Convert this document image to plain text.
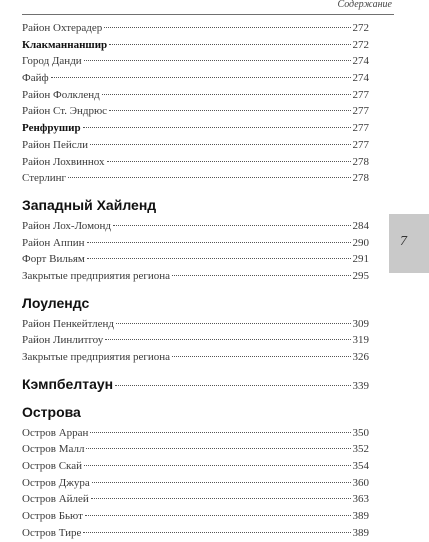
Содержание
Район Охтерадер	272
Клакманнаншир	272
Город Данди	274
Файф	274
Район Фолкленд	277
Район Ст. Эндрюс	277
Ренфрушир	277
Район Пейсли	277
Район Лохвиннох	278
Стерлинг	278
Западный Хайленд
Район Лох-Ломонд	284
Район Аппин	290
Форт Вильям	291
Закрытые предприятия региона	295
Лоулендс
Район Пенкейтленд	309
Район Линлитгоу	319
Закрытые предприятия региона	326
Кэмпбелтаун	339
Острова
Остров Арран	350
Остров Малл	352
Остров Скай	354
Остров Джура	360
Остров Айлей	363
Остров Бьют	389
Остров Тире	389
7
